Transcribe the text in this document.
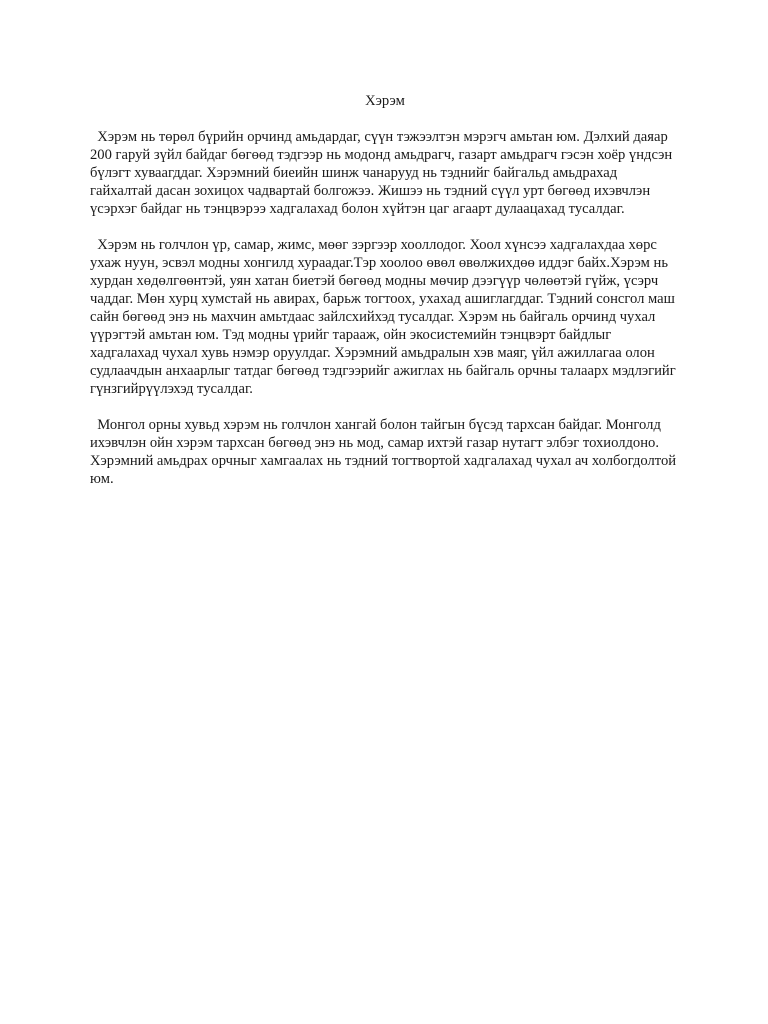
Хэрэм

Хэрэм нь төрөл бүрийн орчинд амьдардаг, сүүн тэжээлтэн мэрэгч амьтан юм. Дэлхий даяар 200 гаруй зүйл байдаг бөгөөд тэдгээр нь модонд амьдрагч, газарт амьдрагч гэсэн хоёр үндсэн бүлэгт хуваагддаг. Хэрэмний биеийн шинж чанарууд нь тэднийг байгальд амьдрахад гайхалтай дасан зохицох чадвартай болгожээ. Жишээ нь тэдний сүүл урт бөгөөд ихэвчлэн үсэрхэг байдаг нь тэнцвэрээ хадгалахад болон хүйтэн цаг агаарт дулаацахад тусалдаг.

Хэрэм нь голчлон үр, самар, жимс, мөөг зэргээр хооллодог. Хоол хүнсээ хадгалахдаа хөрс ухаж нуун, эсвэл модны хонгилд хураадаг.Тэр хоолоо өвөл өвөлжихдөө иддэг байх.Хэрэм нь хурдан хөдөлгөөнтэй, уян хатан биетэй бөгөөд модны мөчир дээгүүр чөлөөтэй гүйж, үсэрч чаддаг. Мөн хурц хумстай нь авирах, барьж тогтоох, ухахад ашиглагддаг. Тэдний сонсгол маш сайн бөгөөд энэ нь махчин амьтдаас зайлсхийхэд тусалдаг. Хэрэм нь байгаль орчинд чухал үүрэгтэй амьтан юм. Тэд модны үрийг тарааж, ойн экосистемийн тэнцвэрт байдлыг хадгалахад чухал хувь нэмэр оруулдаг. Хэрэмний амьдралын хэв маяг, үйл ажиллагаа олон судлаачдын анхаарлыг татдаг бөгөөд тэдгээрийг ажиглах нь байгаль орчны талаарх мэдлэгийг гүнзгийрүүлэхэд тусалдаг.

Монгол орны хувьд хэрэм нь голчлон хангай болон тайгын бүсэд тархсан байдаг. Монголд ихэвчлэн ойн хэрэм тархсан бөгөөд энэ нь мод, самар ихтэй газар нутагт элбэг тохиолдоно. Хэрэмний амьдрах орчныг хамгаалах нь тэдний тогтвортой хадгалахад чухал ач холбогдолтой юм.
